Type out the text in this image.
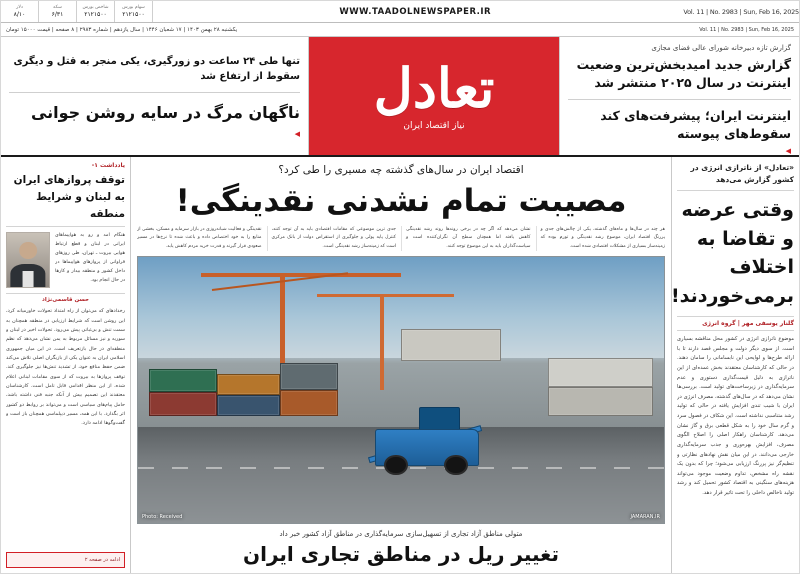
Vol. 11 | No. 2983 | Sun, Feb 16, 2025
WWW.TAADOLNEWSPAPER.IR
سهام بورس
۲۱۲۱۵۰۰
شاخص بورس
۲۱۲۱۵۰۰
سکه
۶/۳۱
دلار
۸/۱۰
Vol. 11 | No. 2983 | Sun, Feb 16, 2025
یکشنبه ۲۸ بهمن ۱۴۰۳ | ۱۷ شعبان ۱۴۴۶ | سال یازدهم | شماره ۲۹۸۳ | ۸ صفحه | قیمت ۱۵۰۰۰ تومان
گزارش تازه دبیرخانه شورای عالی فضای مجازی
گزارش جدید امیدبخش‌ترین وضعیت اینترنت در سال ۲۰۲۵ منتشر شد
اینترنت ایران؛ پیشرفت‌های کند سقوط‌های پیوسته
◀
تعادل
نیاز اقتصاد ایران
تنها طی ۲۴ ساعت دو زورگیری، یکی منجر به قتل و دیگری سقوط از ارتفاع شد
ناگهان مرگ در سایه روشن جوانی
◀
«تعادل» از ناترازی انرژی در کشور گزارش می‌دهد
وقتی عرضه و تقاضا به اختلاف برمی‌خوردند!
گلنار یوسفی مهر | گروه انرژی
موضوع ناترازی انرژی در کشور محل مناقشه بسیاری است. از سوی دیگر دولت و مجلس قصد دارند تا با ارائه طرح‌ها و لوایحی این نابسامانی را سامان دهند. در حالی که کارشناسان معتقدند بخش عمده‌ای از این ناترازی به دلیل قیمت‌گذاری دستوری و عدم سرمایه‌گذاری در زیرساخت‌های تولید است. بررسی‌ها نشان می‌دهد که در سال‌های گذشته، مصرف انرژی در ایران با شیب تندی افزایش یافته در حالی که تولید رشد متناسبی نداشته است. این شکاف در فصول سرد و گرم سال خود را به شکل قطعی برق و گاز نشان می‌دهد. کارشناسان راهکار اصلی را اصلاح الگوی مصرف، افزایش بهره‌وری و جذب سرمایه‌گذاری خارجی می‌دانند. در این میان نقش نهادهای نظارتی و تنظیم‌گر نیز پررنگ ارزیابی می‌شود؛ چرا که بدون یک نقشه راه مشخص، تداوم وضعیت موجود می‌تواند هزینه‌های سنگینی به اقتصاد کشور تحمیل کند و رشد تولید ناخالص داخلی را تحت تاثیر قرار دهد.
اقتصاد ایران در سال‌های گذشته چه مسیری را طی کرد؟
مصیبت تمام نشدنی نقدینگی!
هر چند در سال‌ها و ماه‌های گذشته، یکی از چالش‌های جدی و پررنگ اقتصاد ایران، موضوع رشد نقدینگی و تورم بوده که زمینه‌ساز بسیاری از مشکلات اقتصادی شده است.
نشان می‌دهد که اگر چه در برخی روندها روند رشد نقدینگی کاهش یافته اما همچنان سطح آن نگران‌کننده است و سیاست‌گذاران باید به این موضوع توجه کنند.
جدی ترین موضوعی که مقامات اقتصادی باید به آن توجه کنند، کنترل پایه پولی و جلوگیری از استقراض دولت از بانک مرکزی است که زمینه‌ساز رشد نقدینگی است.
نقدینگی و فعالیت شبانه‌روزی در بازار سرمایه و مسکن، بخشی از منابع را به خود اختصاص داده و باعث شده تا نرخ‌ها در مسیر صعودی قرار گیرند و قدرت خرید مردم کاهش یابد.
Photo: Received	JAMARAN.IR
متولی مناطق آزاد تجاری از تسهیل‌سازی سرمایه‌گذاری در مناطق آزاد کشور خبر داد
تغییر ریل در مناطق تجاری ایران
یادداشت ۱-
توقف پروازهای ایران به لبنان و شرایط منطقه
هنگام آمد و رو به هواپیماهای ایرانی در لبنان و قطع ارتباط هوایی بیروت ـ تهران، طی روزهای فراوانی از پروازهای هواپیماها در داخل کشور و منطقه بیدار و کارها در حال انجام بود.
حسن قاسمی‌نژاد
رخدادهای که می‌توان از راه امتداد تحولات خاورمیانه کرد، این روشن است که شرایط ارزیابی در منطقه همچنان به سمت تنش و بی‌ثباتی پیش می‌رود. تحولات اخیر در لبنان و سوریه و نیز مسائل مربوط به یمن نشان می‌دهد که نظم منطقه‌ای در حال بازتعریف است. در این میان جمهوری اسلامی ایران به عنوان یکی از بازیگران اصلی تلاش می‌کند ضمن حفظ منافع خود، از تشدید تنش‌ها نیز جلوگیری کند. توقف پروازها به بیروت که از سوی مقامات لبنانی اعلام شده، از این منظر اقدامی قابل تامل است. کارشناسان معتقدند این تصمیم بیش از آنکه جنبه فنی داشته باشد، حامل پیام‌های سیاسی است و می‌تواند بر روابط دو کشور اثر بگذارد. با این همه، مسیر دیپلماسی همچنان باز است و گفت‌وگوها ادامه دارد.
ادامه در صفحه ۲
